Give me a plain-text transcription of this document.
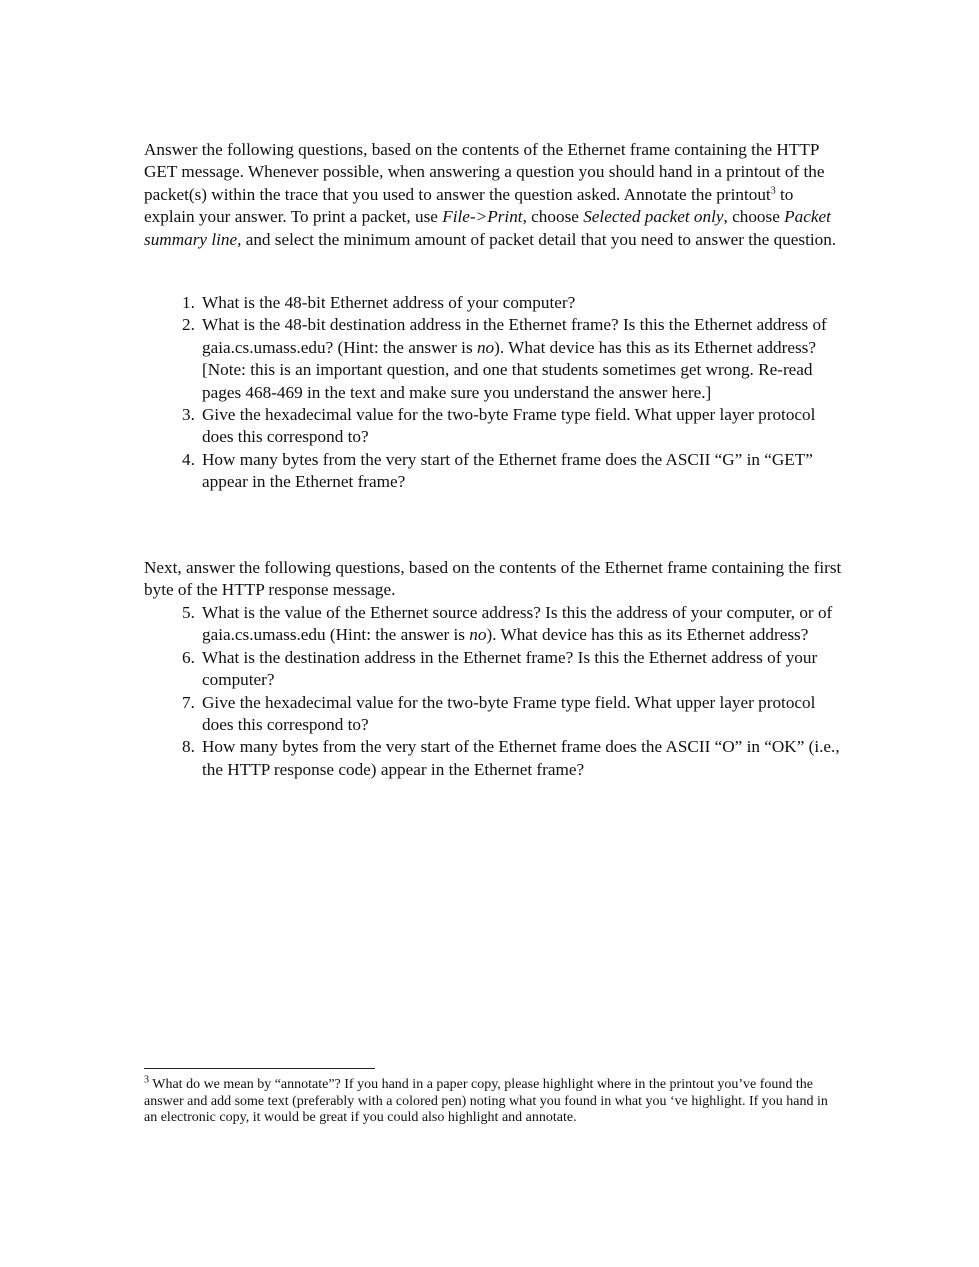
Answer the following questions, based on the contents of the Ethernet frame containing the HTTP GET message. Whenever possible, when answering a question you should hand in a printout of the packet(s) within the trace that you used to answer the question asked. Annotate the printout$^3$ to explain your answer. To print a packet, use File->Print, choose Selected packet only, choose Packet summary line, and select the minimum amount of packet detail that you need to answer the question.

1. What is the 48-bit Ethernet address of your computer?
2. What is the 48-bit destination address in the Ethernet frame? Is this the Ethernet address of gaia.cs.umass.edu? (Hint: the answer is no). What device has this as its Ethernet address? [Note: this is an important question, and one that students sometimes get wrong. Re-read pages 468-469 in the text and make sure you understand the answer here.]
3. Give the hexadecimal value for the two-byte Frame type field. What upper layer protocol does this correspond to?
4. How many bytes from the very start of the Ethernet frame does the ASCII “G” in “GET” appear in the Ethernet frame?

Next, answer the following questions, based on the contents of the Ethernet frame containing the first byte of the HTTP response message.

5. What is the value of the Ethernet source address? Is this the address of your computer, or of gaia.cs.umass.edu (Hint: the answer is no). What device has this as its Ethernet address?
6. What is the destination address in the Ethernet frame? Is this the Ethernet address of your computer?
7. Give the hexadecimal value for the two-byte Frame type field. What upper layer protocol does this correspond to?
8. How many bytes from the very start of the Ethernet frame does the ASCII “O” in “OK” (i.e., the HTTP response code) appear in the Ethernet frame?

$^3$ What do we mean by “annotate”? If you hand in a paper copy, please highlight where in the printout you’ve found the answer and add some text (preferably with a colored pen) noting what you found in what you ‘ve highlight. If you hand in an electronic copy, it would be great if you could also highlight and annotate.
